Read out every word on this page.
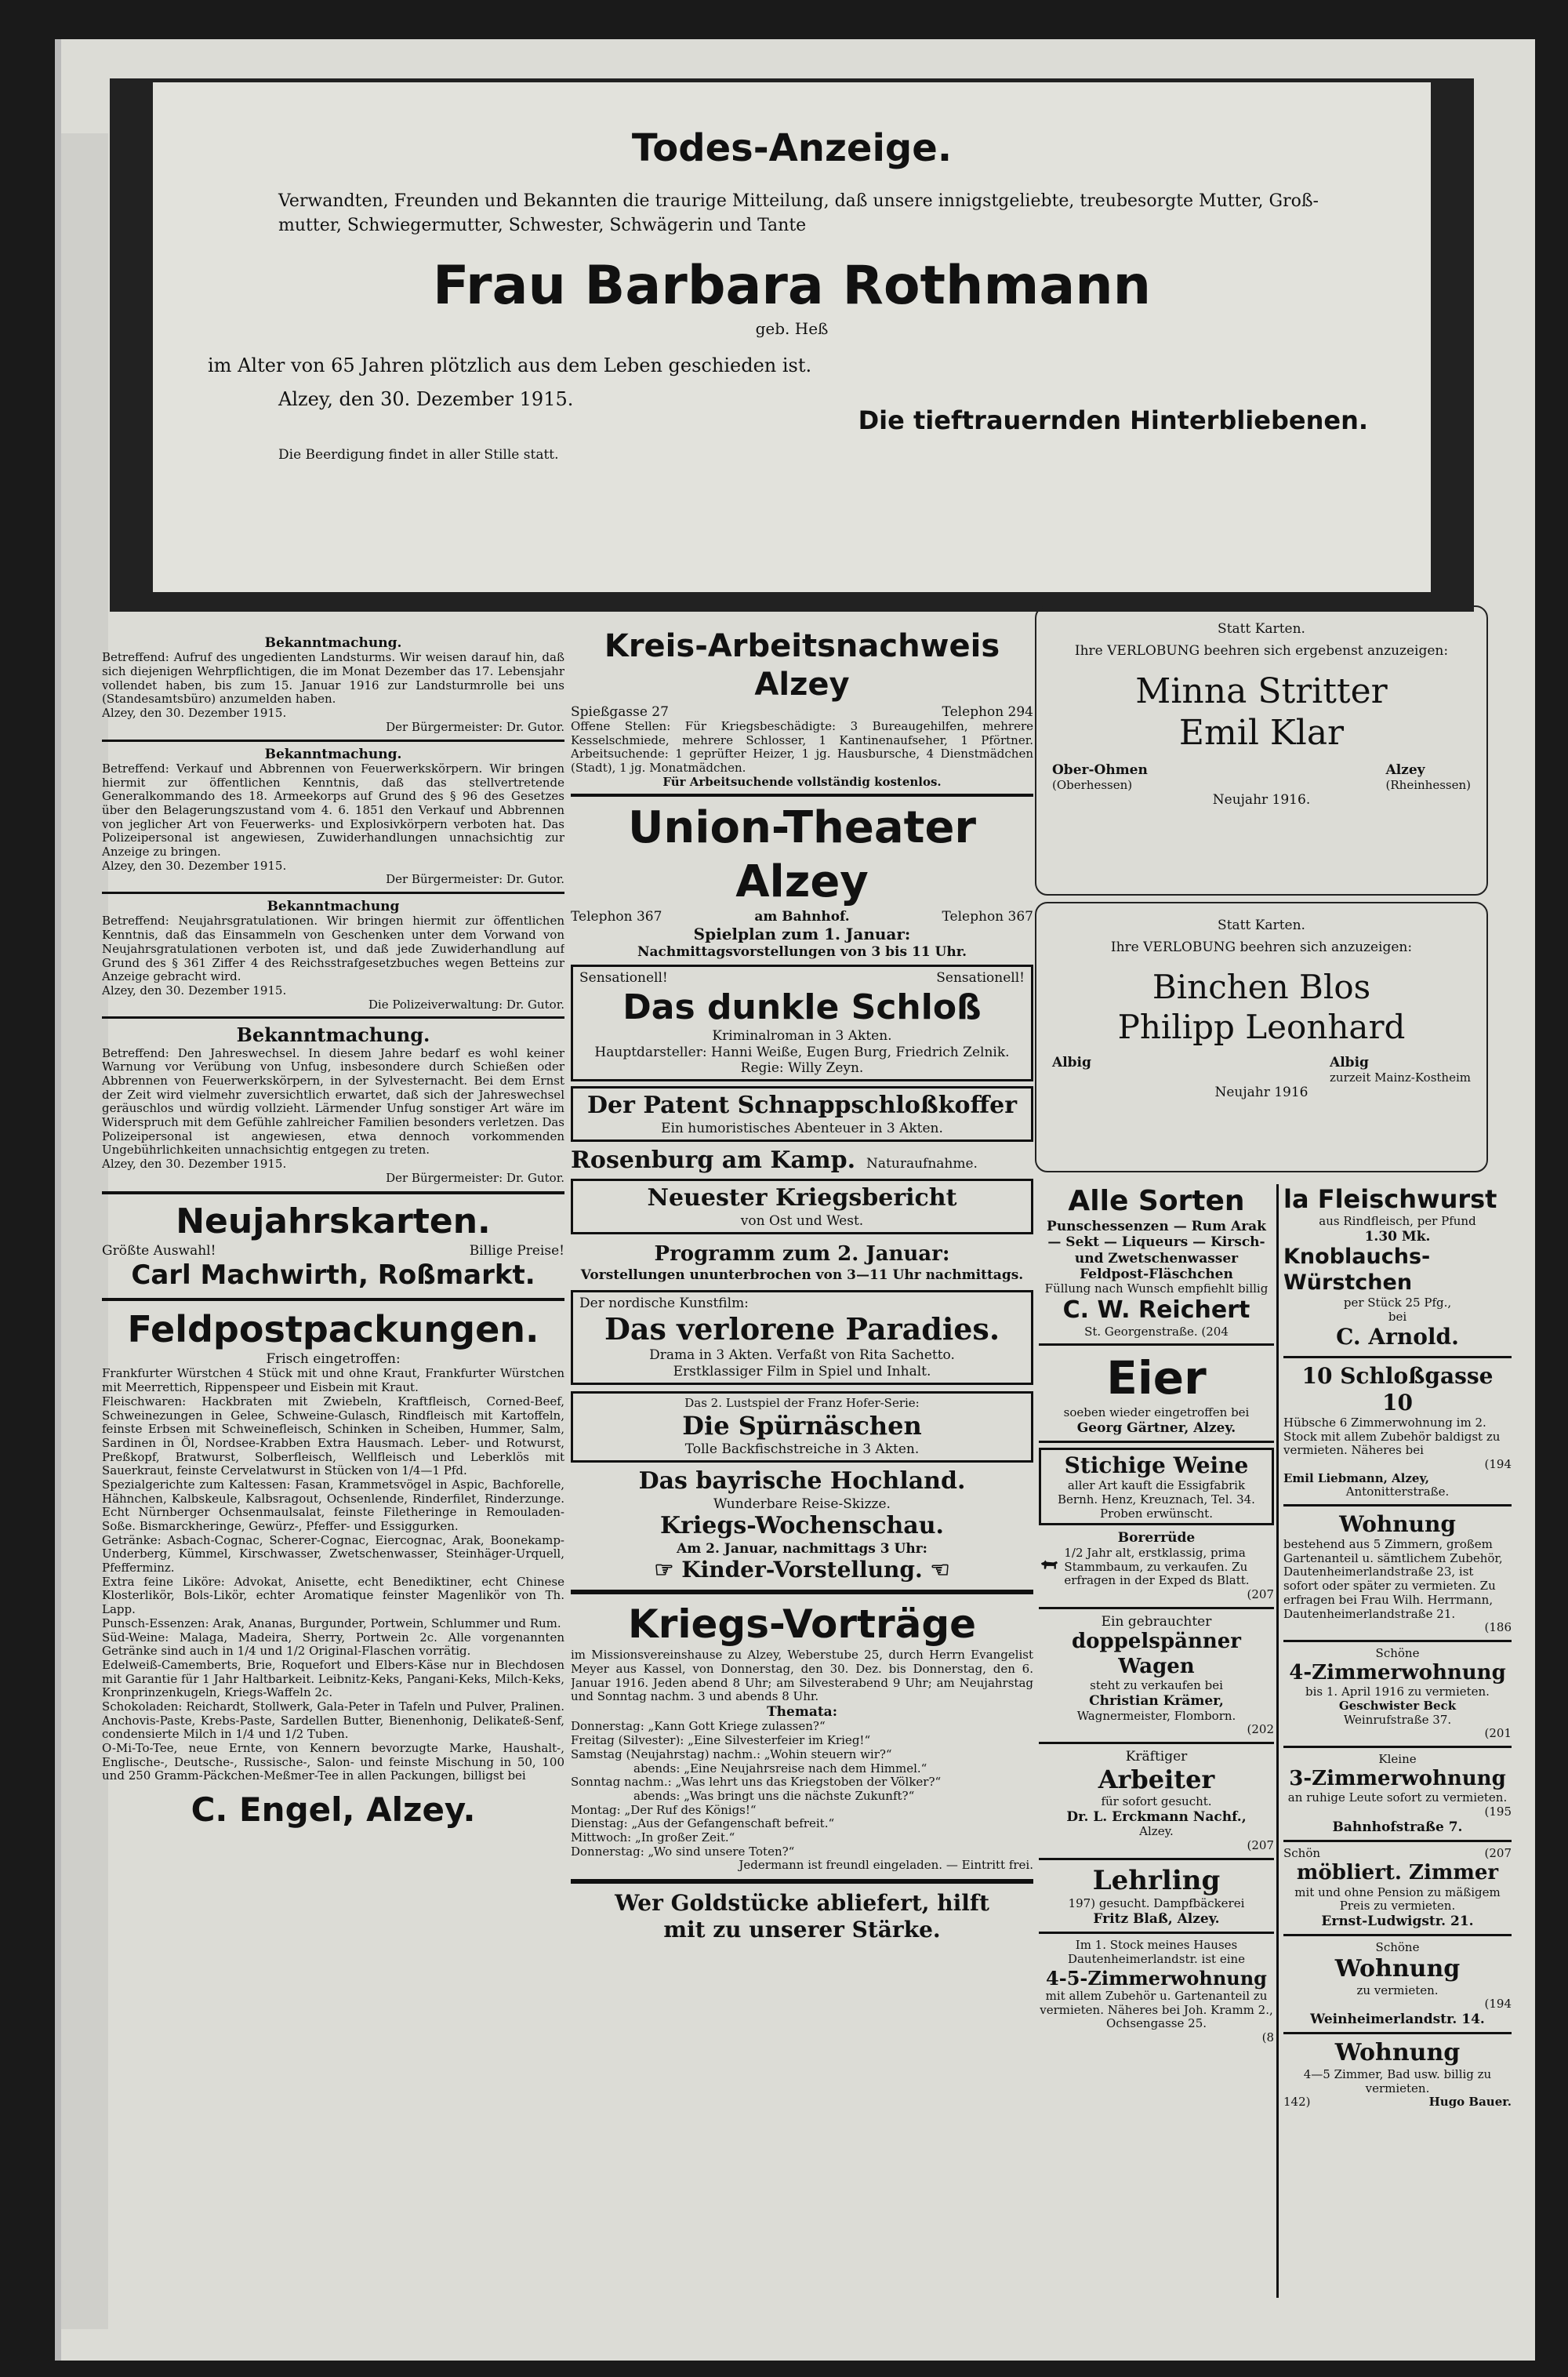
Todes-Anzeige.

Verwandten, Freunden und Bekannten die traurige Mitteilung, daß unsere innigstgeliebte, treubesorgte Mutter, Groß- mutter, Schwiegermutter, Schwester, Schwägerin und Tante

Frau Barbara Rothmann

geb. Heß

im Alter von 65 Jahren plötzlich aus dem Leben geschieden ist.

Alzey, den 30. Dezember 1915.

Die tieftrauernden Hinterbliebenen.

Die Beerdigung findet in aller Stille statt.

Bekanntmachung.

Betreffend: Aufruf des ungedienten Landsturms. Wir weisen darauf hin, daß sich diejenigen Wehrpflichtigen, die im Monat Dezember das 17. Lebensjahr vollendet haben, bis zum 15. Januar 1916 zur Landsturmrolle bei uns (Standesamtsbüro) anzumelden haben.

Alzey, den 30. Dezember 1915.

Der Bürgermeister: Dr. Gutor.

Bekanntmachung.

Betreffend: Verkauf und Abbrennen von Feuerwerkskörpern. Wir bringen hiermit zur öffentlichen Kenntnis, daß das stellvertretende Generalkommando des 18. Armeekorps auf Grund des § 96 des Gesetzes über den Belagerungszustand vom 4. 6. 1851 den Verkauf und Abbrennen von jeglicher Art von Feuerwerks- und Explosivkörpern verboten hat. Das Polizeipersonal ist angewiesen, Zuwiderhandlungen unnachsichtig zur Anzeige zu bringen.

Alzey, den 30. Dezember 1915.

Der Bürgermeister: Dr. Gutor.

Bekanntmachung

Betreffend: Neujahrsgratulationen. Wir bringen hiermit zur öffentlichen Kenntnis, daß das Einsammeln von Geschenken unter dem Vorwand von Neujahrsgratulationen verboten ist, und daß jede Zuwiderhandlung auf Grund des § 361 Ziffer 4 des Reichsstrafgesetzbuches wegen Betteins zur Anzeige gebracht wird.

Alzey, den 30. Dezember 1915.

Die Polizeiverwaltung: Dr. Gutor.

Bekanntmachung.

Betreffend: Den Jahreswechsel. In diesem Jahre bedarf es wohl keiner Warnung vor Verübung von Unfug, insbesondere durch Schießen oder Abbrennen von Feuerwerkskörpern, in der Sylvesternacht. Bei dem Ernst der Zeit wird vielmehr zuversichtlich erwartet, daß sich der Jahreswechsel geräuschlos und würdig vollzieht. Lärmender Unfug sonstiger Art wäre im Widerspruch mit dem Gefühle zahlreicher Familien besonders verletzen. Das Polizeipersonal ist angewiesen, etwa dennoch vorkommenden Ungebührlichkeiten unnachsichtig entgegen zu treten.

Alzey, den 30. Dezember 1915.

Der Bürgermeister: Dr. Gutor.

Neujahrskarten.

Größte Auswahl!	Billige Preise!

Carl Machwirth, Roßmarkt.

Feldpostpackungen.

Frisch eingetroffen:

Frankfurter Würstchen 4 Stück mit und ohne Kraut, Frankfurter Würstchen mit Meerrettich, Rippenspeer und Eisbein mit Kraut.

Fleischwaren: Hackbraten mit Zwiebeln, Kraftfleisch, Corned-Beef, Schweinezungen in Gelee, Schweine-Gulasch, Rindfleisch mit Kartoffeln, feinste Erbsen mit Schweinefleisch, Schinken in Scheiben, Hummer, Salm, Sardinen in Öl, Nordsee-Krabben Extra Hausmach. Leber- und Rotwurst, Preßkopf, Bratwurst, Solberfleisch, Wellfleisch und Leberklös mit Sauerkraut, feinste Cervelatwurst in Stücken von 1/4—1 Pfd.

Spezialgerichte zum Kaltessen: Fasan, Krammetsvögel in Aspic, Bachforelle, Hähnchen, Kalbskeule, Kalbsragout, Ochsenlende, Rinderfilet, Rinderzunge. Echt Nürnberger Ochsenmaulsalat, feinste Filetheringe in Remouladen-Soße. Bismarckheringe, Gewürz-, Pfeffer- und Essiggurken.

Getränke: Asbach-Cognac, Scherer-Cognac, Eiercognac, Arak, Boonekamp-Underberg, Kümmel, Kirschwasser, Zwetschenwasser, Steinhäger-Urquell, Pfefferminz.

Extra feine Liköre: Advokat, Anisette, echt Benediktiner, echt Chinese Klosterlikör, Bols-Likör, echter Aromatique feinster Magenlikör von Th. Lapp.

Punsch-Essenzen: Arak, Ananas, Burgunder, Portwein, Schlummer und Rum.

Süd-Weine: Malaga, Madeira, Sherry, Portwein 2c. Alle vorgenannten Getränke sind auch in 1/4 und 1/2 Original-Flaschen vorrätig.

Edelweiß-Camemberts, Brie, Roquefort und Elbers-Käse nur in Blechdosen mit Garantie für 1 Jahr Haltbarkeit. Leibnitz-Keks, Pangani-Keks, Milch-Keks, Kronprinzenkugeln, Kriegs-Waffeln 2c.

Schokoladen: Reichardt, Stollwerk, Gala-Peter in Tafeln und Pulver, Pralinen. Anchovis-Paste, Krebs-Paste, Sardellen Butter, Bienenhonig, Delikateß-Senf, condensierte Milch in 1/4 und 1/2 Tuben.

O-Mi-To-Tee, neue Ernte, von Kennern bevorzugte Marke, Haushalt-, Englische-, Deutsche-, Russische-, Salon- und feinste Mischung in 50, 100 und 250 Gramm-Päckchen-Meßmer-Tee in allen Packungen, billigst bei

C. Engel, Alzey.

Kreis-Arbeitsnachweis Alzey

Spießgasse 27	Telephon 294

Offene Stellen: Für Kriegsbeschädigte: 3 Bureaugehilfen, mehrere Kesselschmiede, mehrere Schlosser, 1 Kantinenaufseher, 1 Pförtner. Arbeitsuchende: 1 geprüfter Heizer, 1 jg. Hausbursche, 4 Dienstmädchen (Stadt), 1 jg. Monatmädchen.

Für Arbeitsuchende vollständig kostenlos.

Union-Theater Alzey

Telephon 367	am Bahnhof.	Telephon 367

Spielplan zum 1. Januar:

Nachmittagsvorstellungen von 3 bis 11 Uhr.

Sensationell!	Sensationell!

Das dunkle Schloß

Kriminalroman in 3 Akten.

Hauptdarsteller: Hanni Weiße, Eugen Burg, Friedrich Zelnik. Regie: Willy Zeyn.

Der Patent Schnappschloßkoffer

Ein humoristisches Abenteuer in 3 Akten.

Rosenburg am Kamp. Naturaufnahme.

Neuester Kriegsbericht

von Ost und West.

Programm zum 2. Januar:

Vorstellungen ununterbrochen von 3—11 Uhr nachmittags.

Der nordische Kunstfilm:

Das verlorene Paradies.

Drama in 3 Akten. Verfaßt von Rita Sachetto.

Erstklassiger Film in Spiel und Inhalt.

Das 2. Lustspiel der Franz Hofer-Serie:

Die Spürnäschen

Tolle Backfischstreiche in 3 Akten.

Das bayrische Hochland.

Wunderbare Reise-Skizze.

Kriegs-Wochenschau.

Am 2. Januar, nachmittags 3 Uhr:

☞ Kinder-Vorstellung. ☜

Kriegs-Vorträge

im Missionsvereinshause zu Alzey, Weberstube 25, durch Herrn Evangelist Meyer aus Kassel, von Donnerstag, den 30. Dez. bis Donnerstag, den 6. Januar 1916. Jeden abend 8 Uhr; am Silvesterabend 9 Uhr; am Neujahrstag und Sonntag nachm. 3 und abends 8 Uhr.

Themata:

Donnerstag: „Kann Gott Kriege zulassen?“

Freitag (Silvester): „Eine Silvesterfeier im Krieg!“

Samstag (Neujahrstag) nachm.: „Wohin steuern wir?“

abends: „Eine Neujahrsreise nach dem Himmel.“

Sonntag nachm.: „Was lehrt uns das Kriegstoben der Völker?“

abends: „Was bringt uns die nächste Zukunft?“

Montag: „Der Ruf des Königs!“

Dienstag: „Aus der Gefangenschaft befreit.“

Mittwoch: „In großer Zeit.“

Donnerstag: „Wo sind unsere Toten?“

Jedermann ist freundl eingeladen. — Eintritt frei.

Wer Goldstücke abliefert, hilft

mit zu unserer Stärke.

Statt Karten.

Ihre VERLOBUNG beehren sich ergebenst anzuzeigen:

Minna Stritter

Emil Klar

Ober-Ohmen

(Oberhessen)

Alzey

(Rheinhessen)

Neujahr 1916.

Statt Karten.

Ihre VERLOBUNG beehren sich anzuzeigen:

Binchen Blos

Philipp Leonhard

Albig	Albig

zurzeit Mainz-Kostheim

Neujahr 1916

Alle Sorten

Punschessenzen — Rum Arak — Sekt — Liqueurs — Kirsch- und Zwetschenwasser

Feldpost-Fläschchen

Füllung nach Wunsch empfiehlt billig

C. W. Reichert

St. Georgenstraße. (204

Eier

soeben wieder eingetroffen bei

Georg Gärtner, Alzey.

Stichige Weine

aller Art kauft die Essigfabrik Bernh. Henz, Kreuznach, Tel. 34. Proben erwünscht.

Borerrüde

1/2 Jahr alt, erstklassig, prima Stammbaum, zu verkaufen. Zu erfragen in der Exped ds Blatt.

(207

Ein gebrauchter

doppelspänner Wagen

steht zu verkaufen bei

Christian Krämer,

Wagnermeister, Flomborn.

(202

Kräftiger

Arbeiter

für sofort gesucht.

Dr. L. Erckmann Nachf.,

Alzey.

(207

Lehrling

197) gesucht. Dampfbäckerei

Fritz Blaß, Alzey.

Im 1. Stock meines Hauses Dautenheimerlandstr. ist eine

4-5-Zimmerwohnung

mit allem Zubehör u. Gartenanteil zu vermieten. Näheres bei Joh. Kramm 2., Ochsengasse 25.

(8

la Fleischwurst

aus Rindfleisch, per Pfund

1.30 Mk.

Knoblauchs-Würstchen

per Stück 25 Pfg.,

bei

C. Arnold.

10 Schloßgasse 10

Hübsche 6 Zimmerwohnung im 2. Stock mit allem Zubehör baldigst zu vermieten. Näheres bei

(194

Emil Liebmann, Alzey,

Antonitterstraße.

Wohnung

bestehend aus 5 Zimmern, großem Gartenanteil u. sämtlichem Zubehör, Dautenheimerlandstraße 23, ist sofort oder später zu vermieten. Zu erfragen bei Frau Wilh. Herrmann, Dautenheimerlandstraße 21.

(186

Schöne

4-Zimmerwohnung

bis 1. April 1916 zu vermieten.

Geschwister Beck

Weinrufstraße 37.

(201

Kleine

3-Zimmerwohnung

an ruhige Leute sofort zu vermieten.

(195

Bahnhofstraße 7.

Schön	(207

möbliert. Zimmer

mit und ohne Pension zu mäßigem Preis zu vermieten.

Ernst-Ludwigstr. 21.

Schöne

Wohnung

zu vermieten.

(194

Weinheimerlandstr. 14.

Wohnung

4—5 Zimmer, Bad usw. billig zu vermieten.

142)	Hugo Bauer.
